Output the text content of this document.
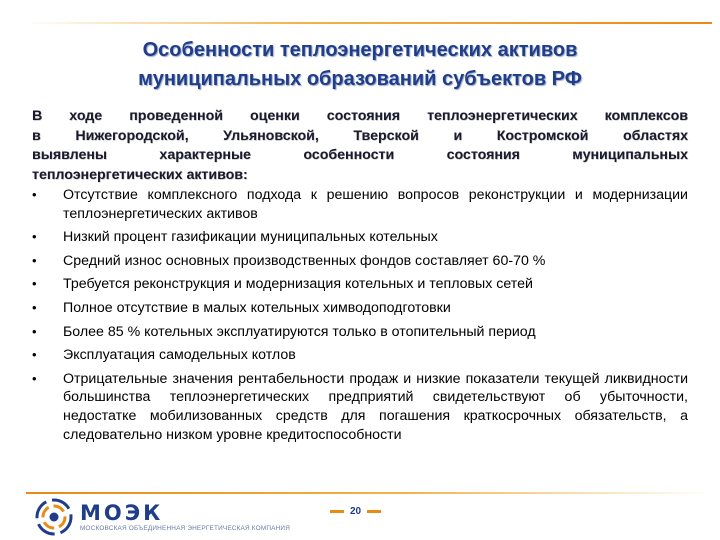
Особенности теплоэнергетических активов
муниципальных образований субъектов РФ
В ходе проведенной оценки состояния теплоэнергетических комплексов
в Нижегородской, Ульяновской, Тверской и Костромской областях
выявлены характерные особенности состояния муниципальных
теплоэнергетических активов:
•	Отсутствие комплексного подхода к решению вопросов реконструкции и модернизации теплоэнергетических активов
•	Низкий процент газификации муниципальных котельных
•	Средний износ основных производственных фондов составляет 60-70 %
•	Требуется реконструкция и модернизация котельных и тепловых сетей
•	Полное отсутствие в малых котельных химводоподготовки
•	Более 85 % котельных эксплуатируются только в отопительный период
•	Эксплуатация самодельных котлов
•	Отрицательные значения рентабельности продаж и низкие показатели текущей ликвидности большинства теплоэнергетических предприятий свидетельствуют об убыточности, недостатке мобилизованных средств для погашения краткосрочных обязательств, а следовательно низком уровне кредитоспособности
МОЭК
МОСКОВСКАЯ ОБЪЕДИНЕННАЯ ЭНЕРГЕТИЧЕСКАЯ КОМПАНИЯ
20
